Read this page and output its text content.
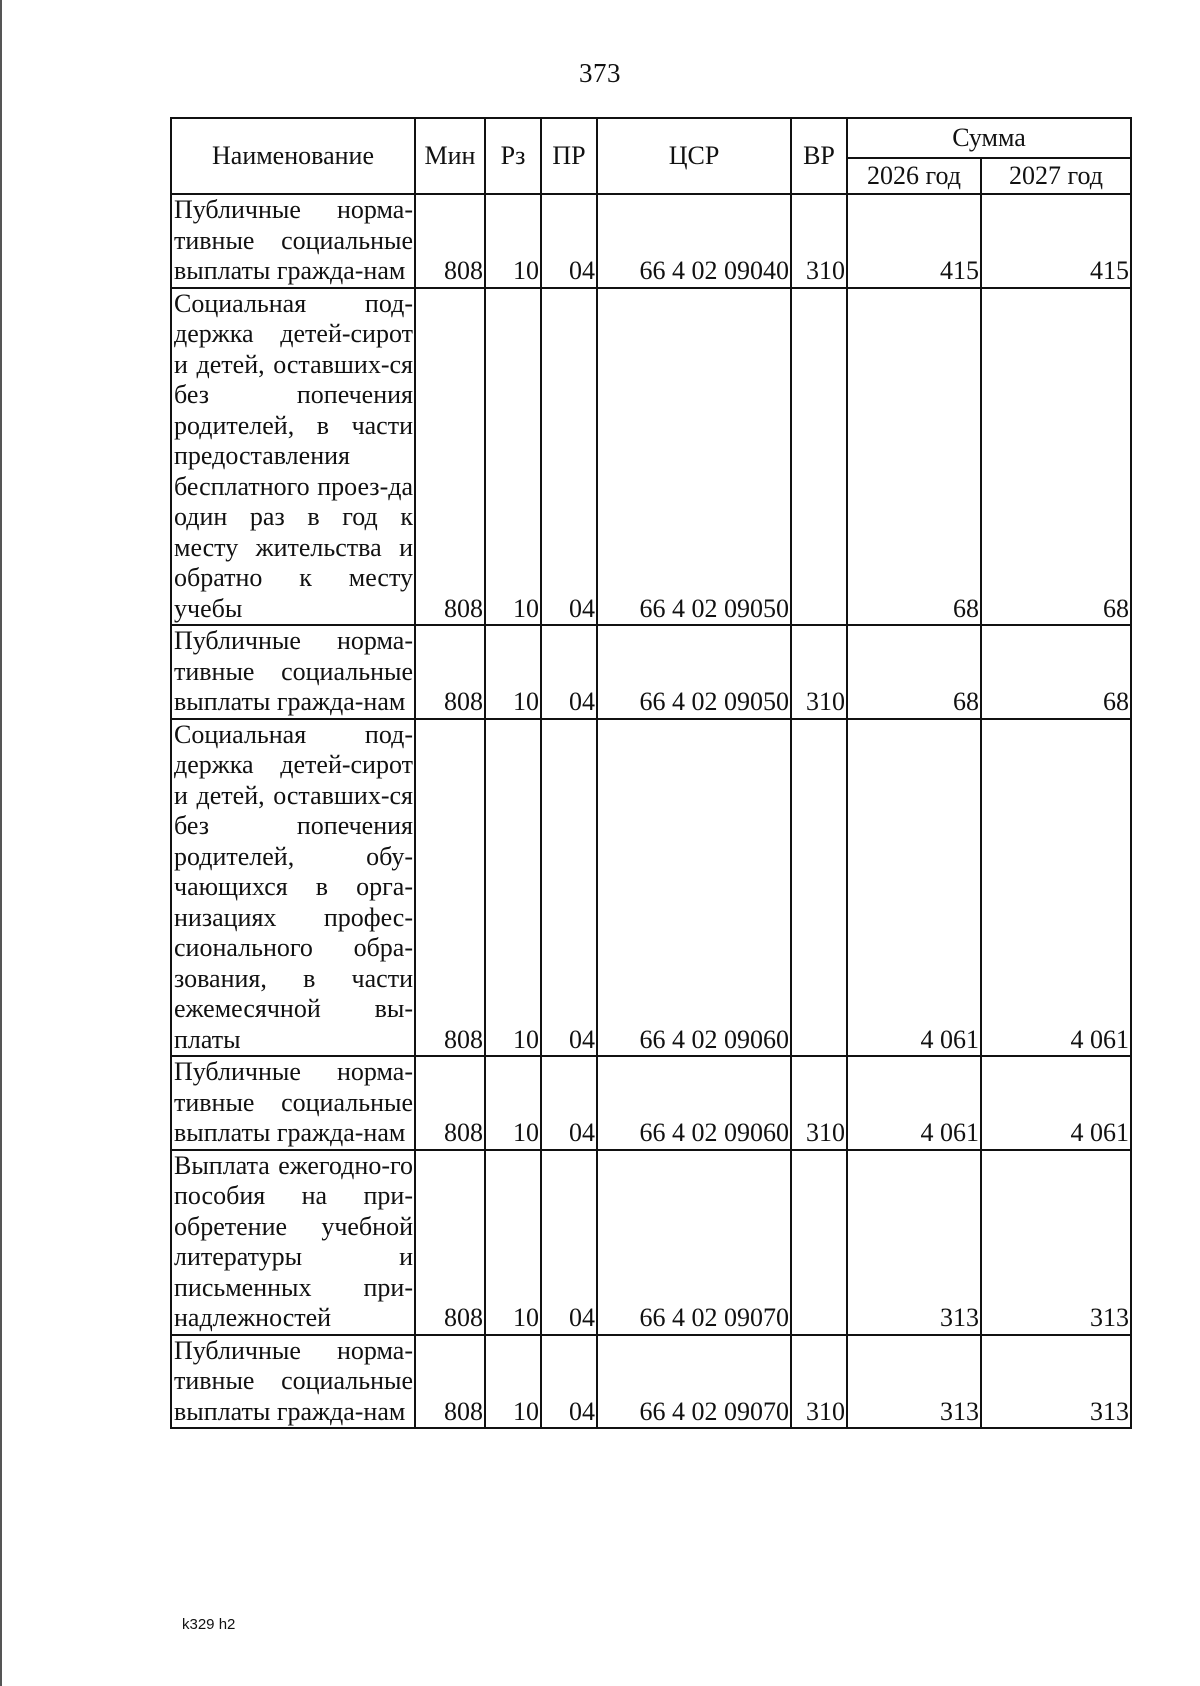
373
Наименование	Мин	Рз	ПР	ЦСР	ВР	Сумма	
						2026 год	2027 год
Публичные норма-тивные социальные выплаты гражда-нам	808	10	04	66 4 02 09040	310	415	415
Социальная под-держка детей-сирот и детей, оставших-ся без попечения родителей, в части предоставления бесплатного проез-да один раз в год к месту жительства и обратно к месту учебы	808	10	04	66 4 02 09050		68	68
Публичные норма-тивные социальные выплаты гражда-нам	808	10	04	66 4 02 09050	310	68	68
Социальная под-держка детей-сирот и детей, оставших-ся без попечения родителей, обу-чающихся в орга-низациях профес-сионального обра-зования, в части ежемесячной вы-платы	808	10	04	66 4 02 09060		4 061	4 061
Публичные норма-тивные социальные выплаты гражда-нам	808	10	04	66 4 02 09060	310	4 061	4 061
Выплата ежегодно-го пособия на при-обретение учебной литературы и письменных при-надлежностей	808	10	04	66 4 02 09070		313	313
Публичные норма-тивные социальные выплаты гражда-нам	808	10	04	66 4 02 09070	310	313	313
k329 h2
